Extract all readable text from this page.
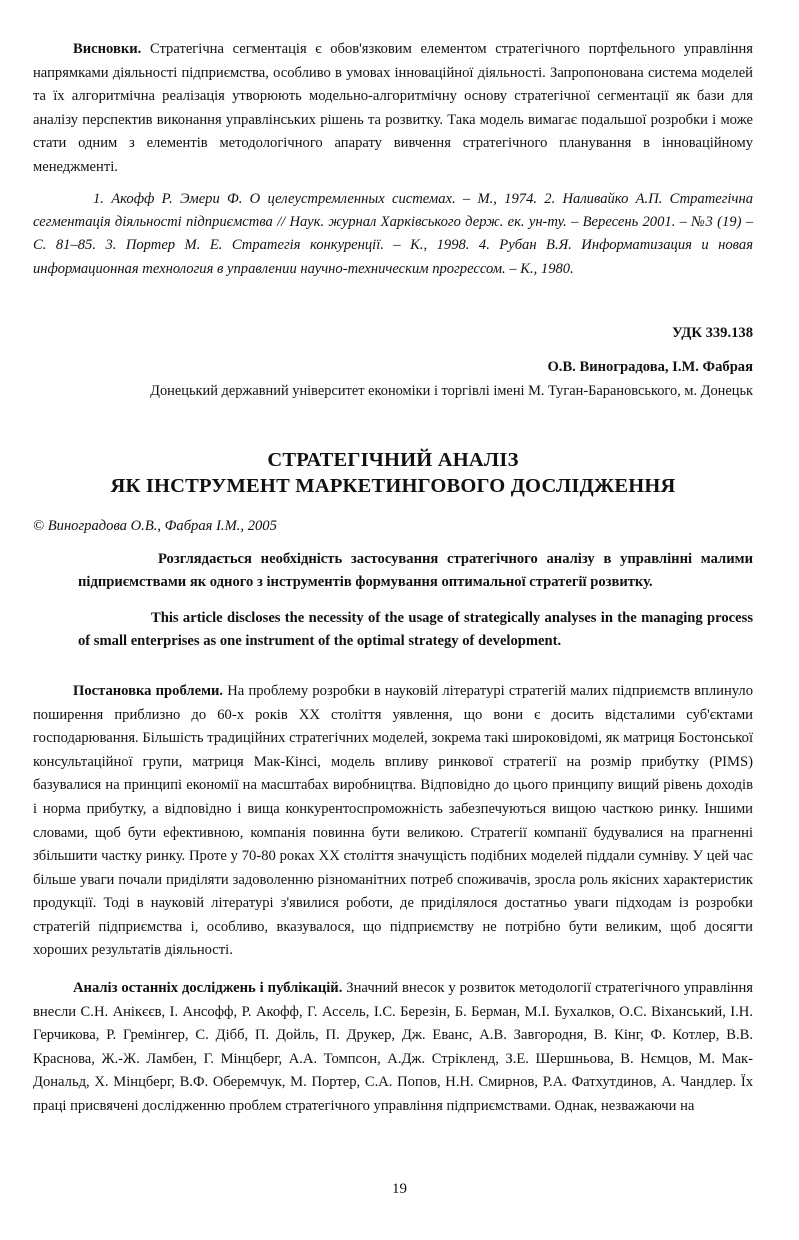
Висновки. Стратегічна сегментація є обов'язковим елементом стратегічного портфельного управління напрямками діяльності підприємства, особливо в умовах інноваційної діяльності. Запропонована система моделей та їх алгоритмічна реалізація утворюють модельно-алгоритмічну основу стратегічної сегментації як бази для аналізу перспектив виконання управлінських рішень та розвитку. Така модель вимагає подальшої розробки і може стати одним з елементів методологічного апарату вивчення стратегічного планування в інноваційному менеджменті.

1. Акофф Р. Эмери Ф. О целеустремленных системах. – М., 1974. 2. Наливайко А.П. Стратегічна сегментація діяльності підприємства // Наук. журнал Харківського держ. ек. ун-ту. – Вересень 2001. – №3 (19) – С. 81–85. 3. Портер М. Е. Стратегія конкуренції. – К., 1998. 4. Рубан В.Я. Информатизация и новая информационная технология в управлении научно-техническим прогрессом. – К., 1980.

УДК 339.138

О.В. Виноградова, І.М. Фабрая

Донецький державний університет економіки і торгівлі імені М. Туган-Барановського, м. Донецьк

СТРАТЕГІЧНИЙ АНАЛІЗ
ЯК ІНСТРУМЕНТ МАРКЕТИНГОВОГО ДОСЛІДЖЕННЯ

© Виноградова О.В., Фабрая І.М., 2005

Розглядається необхідність застосування стратегічного аналізу в управлінні малими підприємствами як одного з інструментів формування оптимальної стратегії розвитку.

This article discloses the necessity of the usage of strategically analyses in the managing process of small enterprises as one instrument of the optimal strategy of development.

Постановка проблеми. На проблему розробки в науковій літературі стратегій малих підприємств вплинуло поширення приблизно до 60-х років XX століття уявлення, що вони є досить відсталими суб'єктами господарювання. Більшість традиційних стратегічних моделей, зокрема такі широковідомі, як матриця Бостонської консультаційної групи, матриця Мак-Кінсі, модель впливу ринкової стратегії на розмір прибутку (PIMS) базувалися на принципі економії на масштабах виробництва. Відповідно до цього принципу вищий рівень доходів і норма прибутку, а відповідно і вища конкурентоспроможність забезпечуються вищою часткою ринку. Іншими словами, щоб бути ефективною, компанія повинна бути великою. Стратегії компанії будувалися на прагненні збільшити частку ринку. Проте у 70-80 роках XX століття значущість подібних моделей піддали сумніву. У цей час більше уваги почали приділяти задоволенню різноманітних потреб споживачів, зросла роль якісних характеристик продукції. Тоді в науковій літературі з'явилися роботи, де приділялося достатньо уваги підходам із розробки стратегій підприємства і, особливо, вказувалося, що підприємству не потрібно бути великим, щоб досягти хороших результатів діяльності.

Аналіз останніх досліджень і публікацій. Значний внесок у розвиток методології стратегічного управління внесли С.Н. Анікєєв, І. Ансофф, Р. Акофф, Г. Ассель, І.С. Березін, Б. Берман, М.І. Бухалков, О.С. Віханський, І.Н. Герчикова, Р. Гремінгер, С. Дібб, П. Дойль, П. Друкер, Дж. Еванс, А.В. Завгородня, В. Кінг, Ф. Котлер, В.В. Краснова, Ж.-Ж. Ламбен, Г. Мінцберг, А.А. Томпсон, А.Дж. Стрікленд, З.Е. Шершньова, В. Нємцов, М. Мак-Дональд, Х. Мінцберг, В.Ф. Оберемчук, М. Портер, С.А. Попов, Н.Н. Смирнов, Р.А. Фатхутдинов, А. Чандлер. Їх праці присвячені дослідженню проблем стратегічного управління підприємствами. Однак, незважаючи на

19
